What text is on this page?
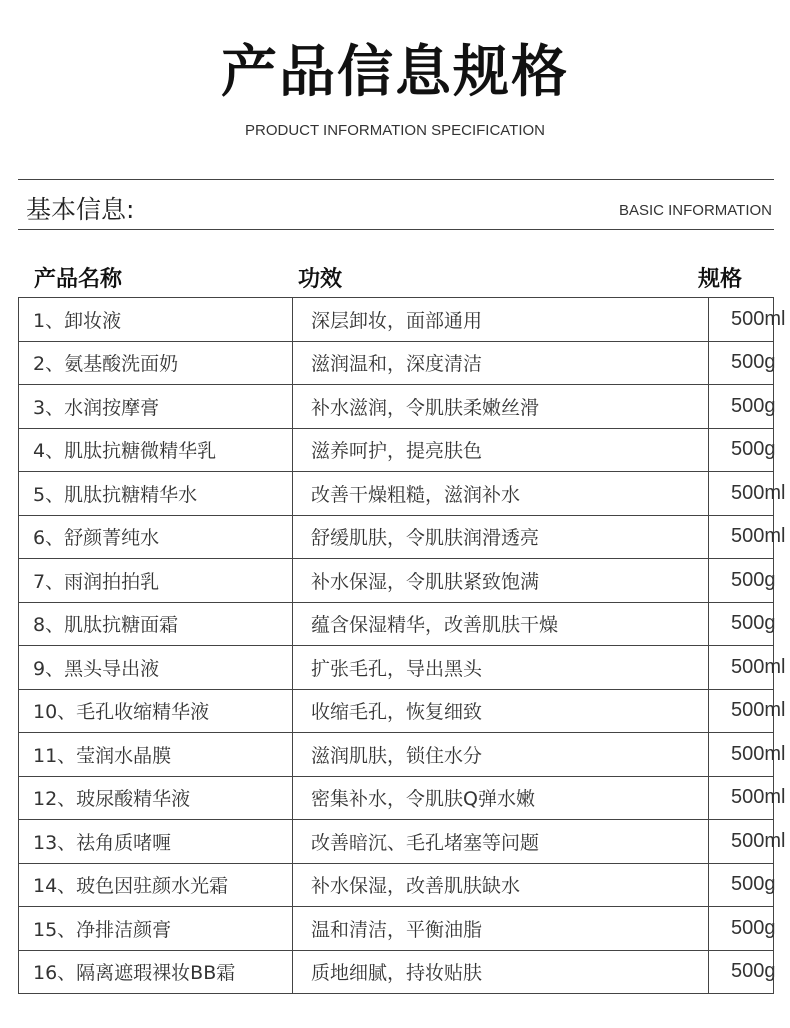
产品信息规格
PRODUCT INFORMATION SPECIFICATION
基本信息:	BASIC INFORMATION
产品名称	功效	规格
1、卸妆液	深层卸妆，面部通用	500ml
2、氨基酸洗面奶	滋润温和，深度清洁	500g
3、水润按摩膏	补水滋润，令肌肤柔嫩丝滑	500g
4、肌肽抗糖微精华乳	滋养呵护，提亮肤色	500g
5、肌肽抗糖精华水	改善干燥粗糙，滋润补水	500ml
6、舒颜菁纯水	舒缓肌肤，令肌肤润滑透亮	500ml
7、雨润拍拍乳	补水保湿，令肌肤紧致饱满	500g
8、肌肽抗糖面霜	蕴含保湿精华，改善肌肤干燥	500g
9、黑头导出液	扩张毛孔，导出黑头	500ml
10、毛孔收缩精华液	收缩毛孔，恢复细致	500ml
11、莹润水晶膜	滋润肌肤，锁住水分	500ml
12、玻尿酸精华液	密集补水，令肌肤Q弹水嫩	500ml
13、祛角质啫喱	改善暗沉、毛孔堵塞等问题	500ml
14、玻色因驻颜水光霜	补水保湿，改善肌肤缺水	500g
15、净排洁颜膏	温和清洁，平衡油脂	500g
16、隔离遮瑕裸妆BB霜	质地细腻，持妆贴肤	500g
